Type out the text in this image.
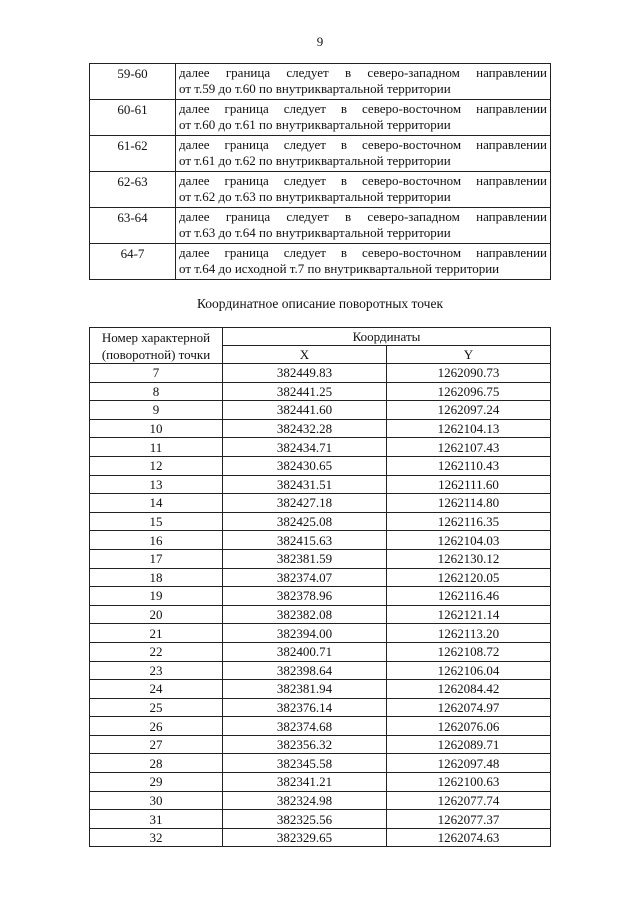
9
59-60	далее граница следует в северо-западном направлении
от т.59 до т.60 по внутриквартальной территории

60-61	далее граница следует в северо-восточном направлении
от т.60 до т.61 по внутриквартальной территории

61-62	далее граница следует в северо-восточном направлении
от т.61 до т.62 по внутриквартальной территории

62-63	далее граница следует в северо-восточном направлении
от т.62 до т.63 по внутриквартальной территории

63-64	далее граница следует в северо-западном направлении
от т.63 до т.64 по внутриквартальной территории

64-7	далее граница следует в северо-восточном направлении
от т.64 до исходной т.7 по внутриквартальной территории
Координатное описание поворотных точек
Номер характерной
(поворотной) точки	Координаты	
	X	Y
7	382449.83	1262090.73
8	382441.25	1262096.75
9	382441.60	1262097.24
10	382432.28	1262104.13
11	382434.71	1262107.43
12	382430.65	1262110.43
13	382431.51	1262111.60
14	382427.18	1262114.80
15	382425.08	1262116.35
16	382415.63	1262104.03
17	382381.59	1262130.12
18	382374.07	1262120.05
19	382378.96	1262116.46
20	382382.08	1262121.14
21	382394.00	1262113.20
22	382400.71	1262108.72
23	382398.64	1262106.04
24	382381.94	1262084.42
25	382376.14	1262074.97
26	382374.68	1262076.06
27	382356.32	1262089.71
28	382345.58	1262097.48
29	382341.21	1262100.63
30	382324.98	1262077.74
31	382325.56	1262077.37
32	382329.65	1262074.63
